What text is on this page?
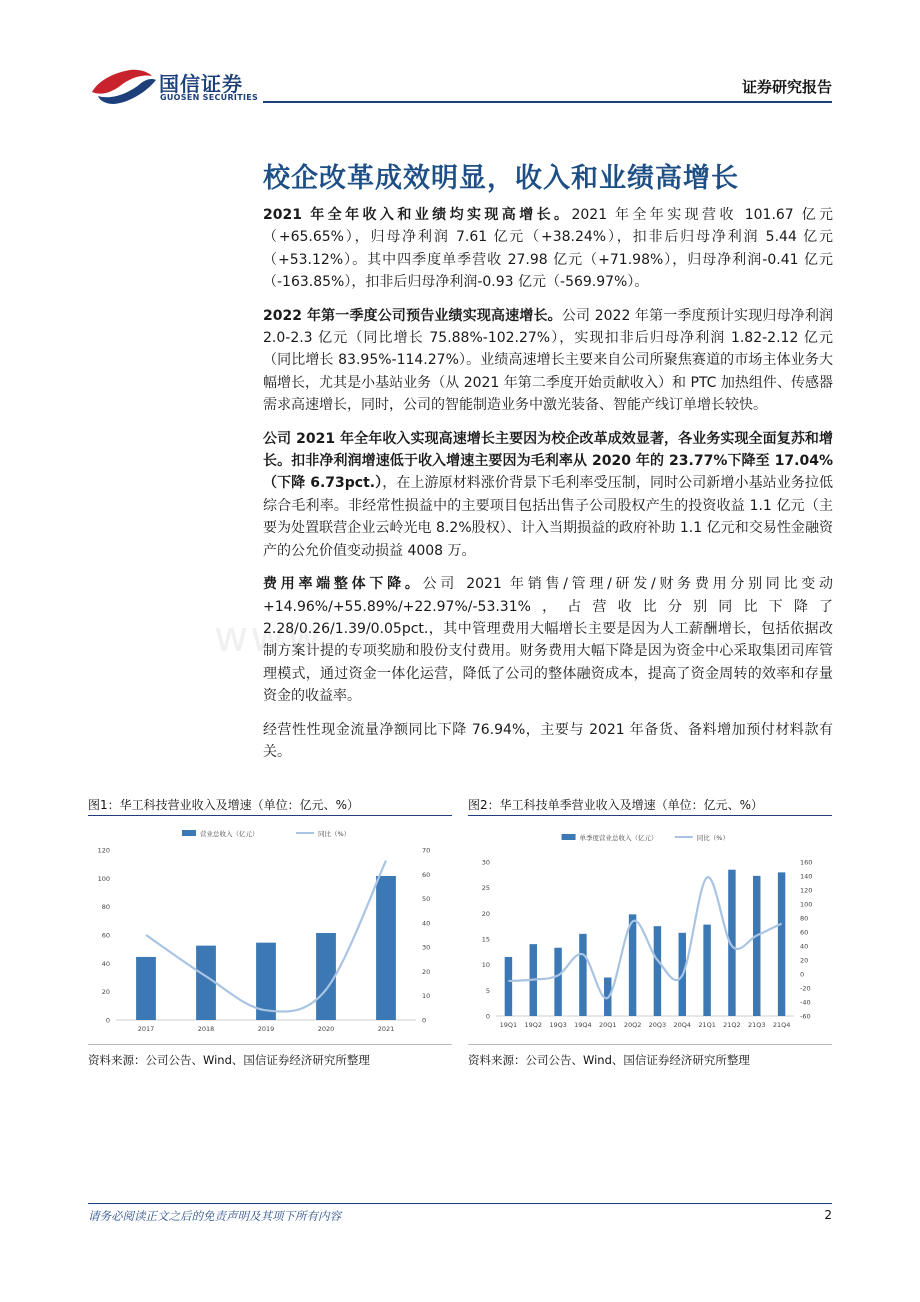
国信证券
GUOSEN SECURITIES
证券研究报告
www.
校企改革成效明显，收入和业绩高增长

2021 年全年收入和业绩均实现高增长。2021 年全年实现营收 101.67 亿元（+65.65%），归母净利润 7.61 亿元（+38.24%），扣非后归母净利润 5.44 亿元（+53.12%）。其中四季度单季营收 27.98 亿元（+71.98%），归母净利润-0.41 亿元（-163.85%），扣非后归母净利润-0.93 亿元（-569.97%）。

2022 年第一季度公司预告业绩实现高速增长。公司 2022 年第一季度预计实现归母净利润 2.0-2.3 亿元（同比增长 75.88%-102.27%），实现扣非后归母净利润 1.82-2.12 亿元（同比增长 83.95%-114.27%）。业绩高速增长主要来自公司所聚焦赛道的市场主体业务大幅增长，尤其是小基站业务（从 2021 年第二季度开始贡献收入）和 PTC 加热组件、传感器需求高速增长，同时，公司的智能制造业务中激光装备、智能产线订单增长较快。

公司 2021 年全年收入实现高速增长主要因为校企改革成效显著，各业务实现全面复苏和增长。扣非净利润增速低于收入增速主要因为毛利率从 2020 年的 23.77%下降至 17.04%（下降 6.73pct.），在上游原材料涨价背景下毛利率受压制，同时公司新增小基站业务拉低综合毛利率。非经常性损益中的主要项目包括出售子公司股权产生的投资收益 1.1 亿元（主要为处置联营企业云岭光电 8.2%股权）、计入当期损益的政府补助 1.1 亿元和交易性金融资产的公允价值变动损益 4008 万。

费用率端整体下降。公司 2021 年销售/管理/研发/财务费用分别同比变动+14.96%/+55.89%/+22.97%/-53.31%，占营收比分别同比下降了 2.28/0.26/1.39/0.05pct.，其中管理费用大幅增长主要是因为人工薪酬增长，包括依据改制方案计提的专项奖励和股份支付费用。财务费用大幅下降是因为资金中心采取集团司库管理模式，通过资金一体化运营，降低了公司的整体融资成本，提高了资金周转的效率和存量资金的收益率。

经营性性现金流量净额同比下降 76.94%，主要与 2021 年备货、备料增加预付材料款有关。

图1：华工科技营业收入及增速（单位：亿元、%）
营业总收入（亿元）	同比（%）
0
20
40
60
80
100
120
0
10
20
30
40
50
60
70
2017	2018	2019	2020	2021
资料来源：公司公告、Wind、国信证券经济研究所整理
图2：华工科技单季营业收入及增速（单位：亿元、%）
单季度营业总收入（亿元）	同比（%）
0
5
10
15
20
25
30
-60
-40
-20
0
20
40
60
80
100
120
140
160
19Q1 19Q2 19Q3 19Q4 20Q1 20Q2 20Q3 20Q4 21Q1 21Q2 21Q3 21Q4
资料来源：公司公告、Wind、国信证券经济研究所整理
请务必阅读正文之后的免责声明及其项下所有内容	2
